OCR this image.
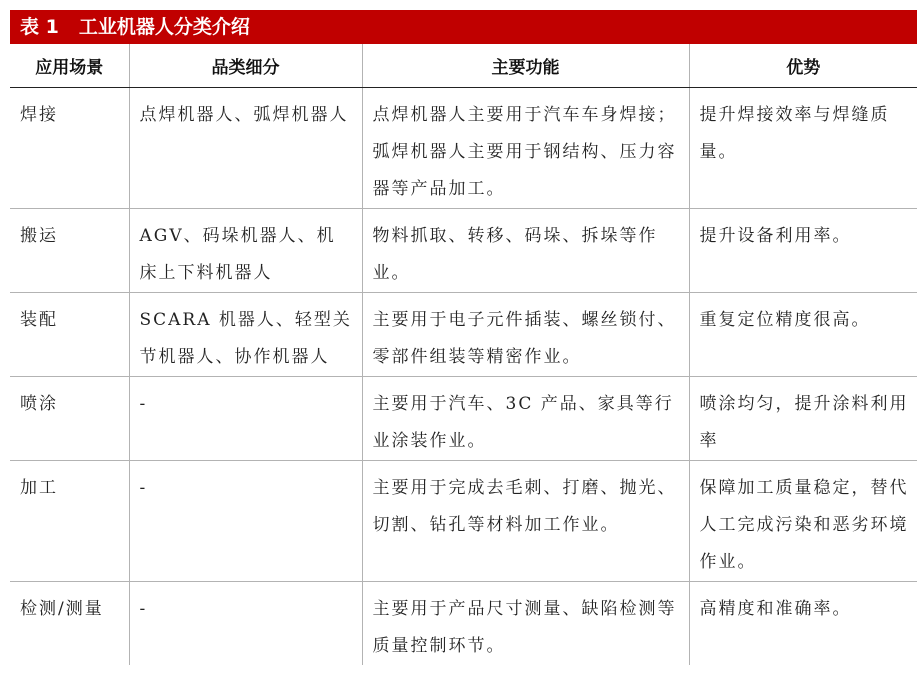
表 1 工业机器人分类介绍
应用场景	品类细分	主要功能	优势
焊接	点焊机器人、弧焊机器人	点焊机器人主要用于汽车车身焊接；弧焊机器人主要用于钢结构、压力容器等产品加工。	提升焊接效率与焊缝质量。
搬运	AGV、码垛机器人、机床上下料机器人	物料抓取、转移、码垛、拆垛等作业。	提升设备利用率。
装配	SCARA 机器人、轻型关节机器人、协作机器人	主要用于电子元件插装、螺丝锁付、零部件组装等精密作业。	重复定位精度很高。
喷涂	-	主要用于汽车、3C 产品、家具等行业涂装作业。	喷涂均匀，提升涂料利用率
加工	-	主要用于完成去毛刺、打磨、抛光、切割、钻孔等材料加工作业。	保障加工质量稳定，替代人工完成污染和恶劣环境作业。
检测/测量	-	主要用于产品尺寸测量、缺陷检测等质量控制环节。	高精度和准确率。
